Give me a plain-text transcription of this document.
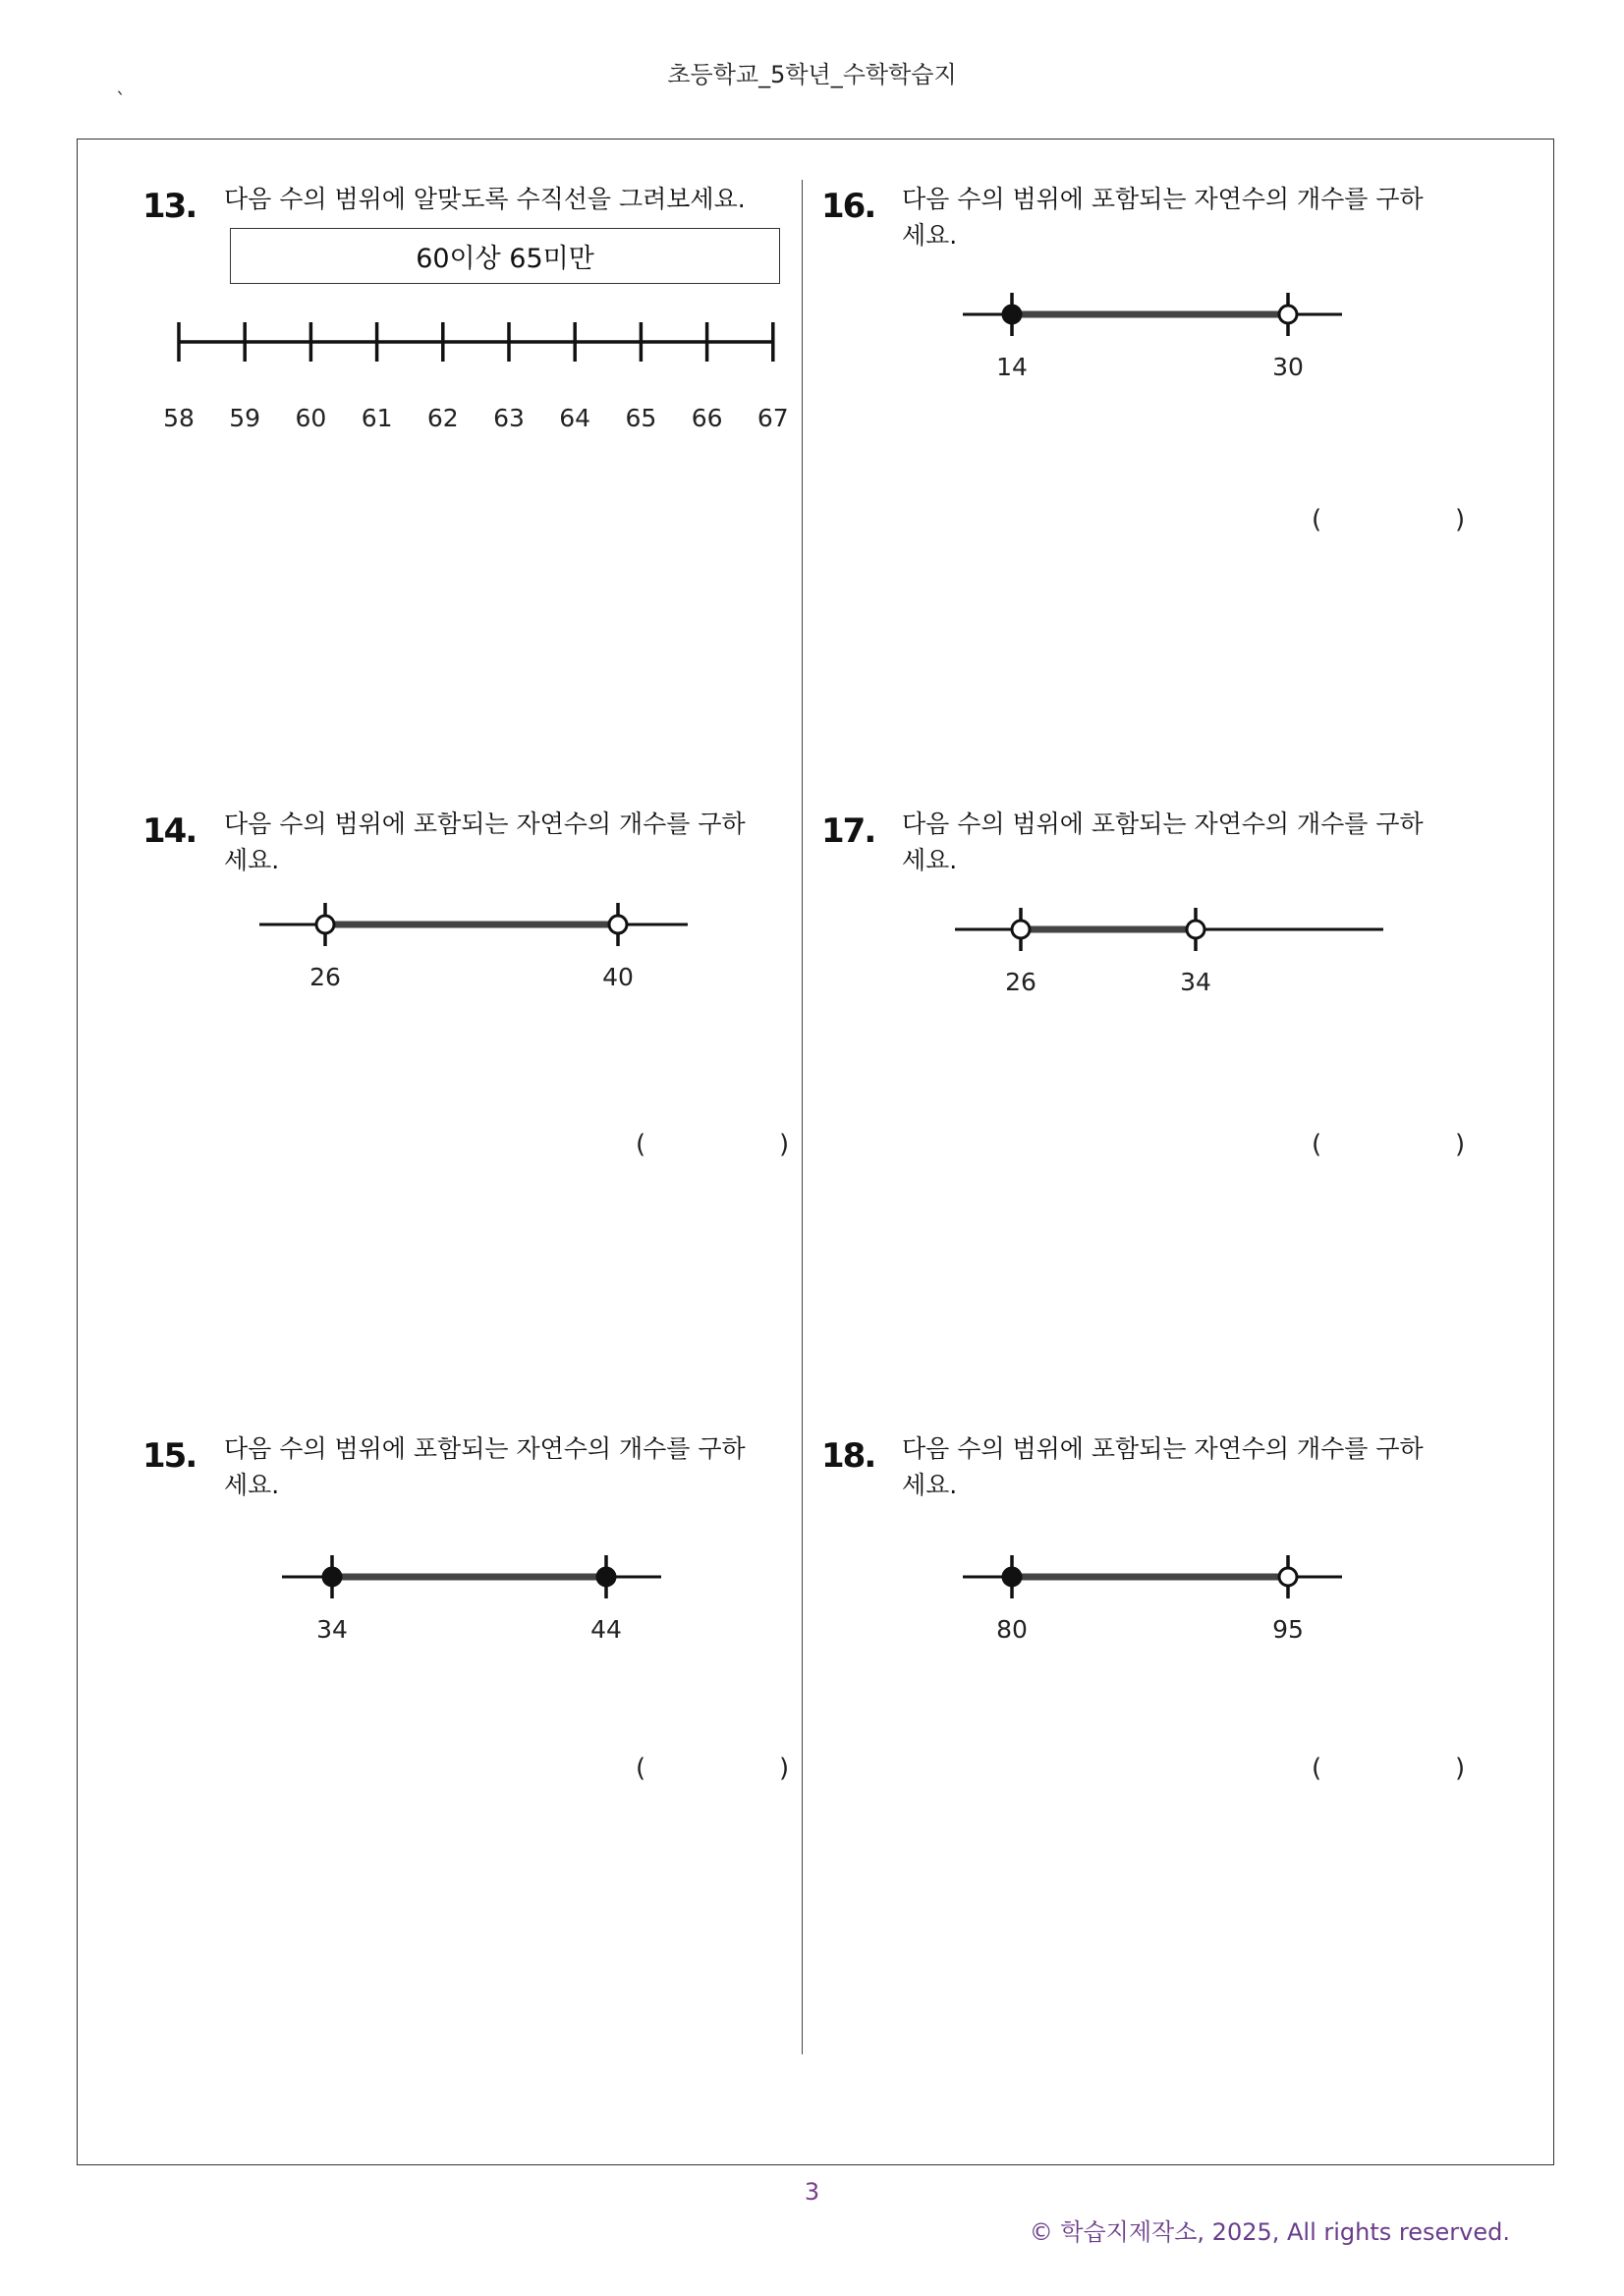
초등학교_5학년_수학학습지
`
13. 다음 수의 범위에 알맞도록 수직선을 그려보세요.
60이상 65미만
58 59 60 61 62 63 64 65 66 67
14. 다음 수의 범위에 포함되는 자연수의 개수를 구하세요.
26	40
(	)
15. 다음 수의 범위에 포함되는 자연수의 개수를 구하세요.
34	44
(	)
16. 다음 수의 범위에 포함되는 자연수의 개수를 구하세요.
14	30
(	)
17. 다음 수의 범위에 포함되는 자연수의 개수를 구하세요.
26	34
(	)
18. 다음 수의 범위에 포함되는 자연수의 개수를 구하세요.
80	95
(	)
3
© 학습지제작소, 2025, All rights reserved.
